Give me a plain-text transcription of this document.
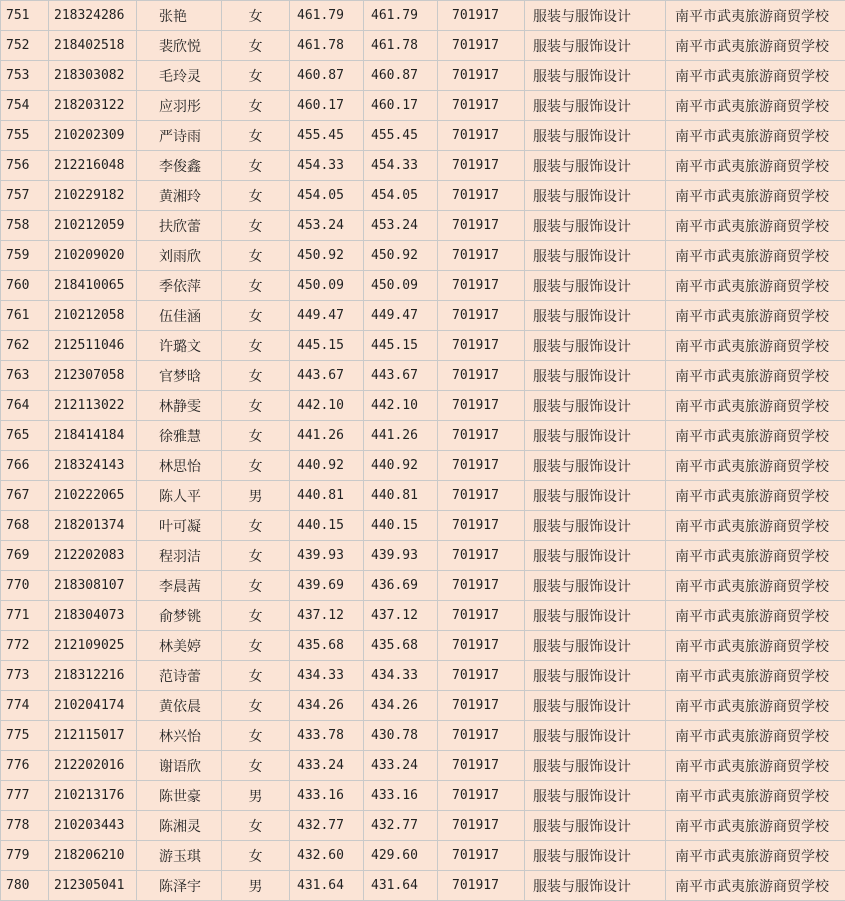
751	218324286	张艳	女	461.79	461.79	701917	服装与服饰设计	南平市武夷旅游商贸学校
752	218402518	裴欣悦	女	461.78	461.78	701917	服装与服饰设计	南平市武夷旅游商贸学校
753	218303082	毛玲灵	女	460.87	460.87	701917	服装与服饰设计	南平市武夷旅游商贸学校
754	218203122	应羽彤	女	460.17	460.17	701917	服装与服饰设计	南平市武夷旅游商贸学校
755	210202309	严诗雨	女	455.45	455.45	701917	服装与服饰设计	南平市武夷旅游商贸学校
756	212216048	李俊鑫	女	454.33	454.33	701917	服装与服饰设计	南平市武夷旅游商贸学校
757	210229182	黄湘玲	女	454.05	454.05	701917	服装与服饰设计	南平市武夷旅游商贸学校
758	210212059	扶欣蕾	女	453.24	453.24	701917	服装与服饰设计	南平市武夷旅游商贸学校
759	210209020	刘雨欣	女	450.92	450.92	701917	服装与服饰设计	南平市武夷旅游商贸学校
760	218410065	季依萍	女	450.09	450.09	701917	服装与服饰设计	南平市武夷旅游商贸学校
761	210212058	伍佳涵	女	449.47	449.47	701917	服装与服饰设计	南平市武夷旅游商贸学校
762	212511046	许璐文	女	445.15	445.15	701917	服装与服饰设计	南平市武夷旅游商贸学校
763	212307058	官梦晗	女	443.67	443.67	701917	服装与服饰设计	南平市武夷旅游商贸学校
764	212113022	林静雯	女	442.10	442.10	701917	服装与服饰设计	南平市武夷旅游商贸学校
765	218414184	徐雅慧	女	441.26	441.26	701917	服装与服饰设计	南平市武夷旅游商贸学校
766	218324143	林思怡	女	440.92	440.92	701917	服装与服饰设计	南平市武夷旅游商贸学校
767	210222065	陈人平	男	440.81	440.81	701917	服装与服饰设计	南平市武夷旅游商贸学校
768	218201374	叶可凝	女	440.15	440.15	701917	服装与服饰设计	南平市武夷旅游商贸学校
769	212202083	程羽洁	女	439.93	439.93	701917	服装与服饰设计	南平市武夷旅游商贸学校
770	218308107	李晨茜	女	439.69	436.69	701917	服装与服饰设计	南平市武夷旅游商贸学校
771	218304073	俞梦铫	女	437.12	437.12	701917	服装与服饰设计	南平市武夷旅游商贸学校
772	212109025	林美婷	女	435.68	435.68	701917	服装与服饰设计	南平市武夷旅游商贸学校
773	218312216	范诗蕾	女	434.33	434.33	701917	服装与服饰设计	南平市武夷旅游商贸学校
774	210204174	黄依晨	女	434.26	434.26	701917	服装与服饰设计	南平市武夷旅游商贸学校
775	212115017	林兴怡	女	433.78	430.78	701917	服装与服饰设计	南平市武夷旅游商贸学校
776	212202016	谢语欣	女	433.24	433.24	701917	服装与服饰设计	南平市武夷旅游商贸学校
777	210213176	陈世豪	男	433.16	433.16	701917	服装与服饰设计	南平市武夷旅游商贸学校
778	210203443	陈湘灵	女	432.77	432.77	701917	服装与服饰设计	南平市武夷旅游商贸学校
779	218206210	游玉琪	女	432.60	429.60	701917	服装与服饰设计	南平市武夷旅游商贸学校
780	212305041	陈泽宇	男	431.64	431.64	701917	服装与服饰设计	南平市武夷旅游商贸学校
